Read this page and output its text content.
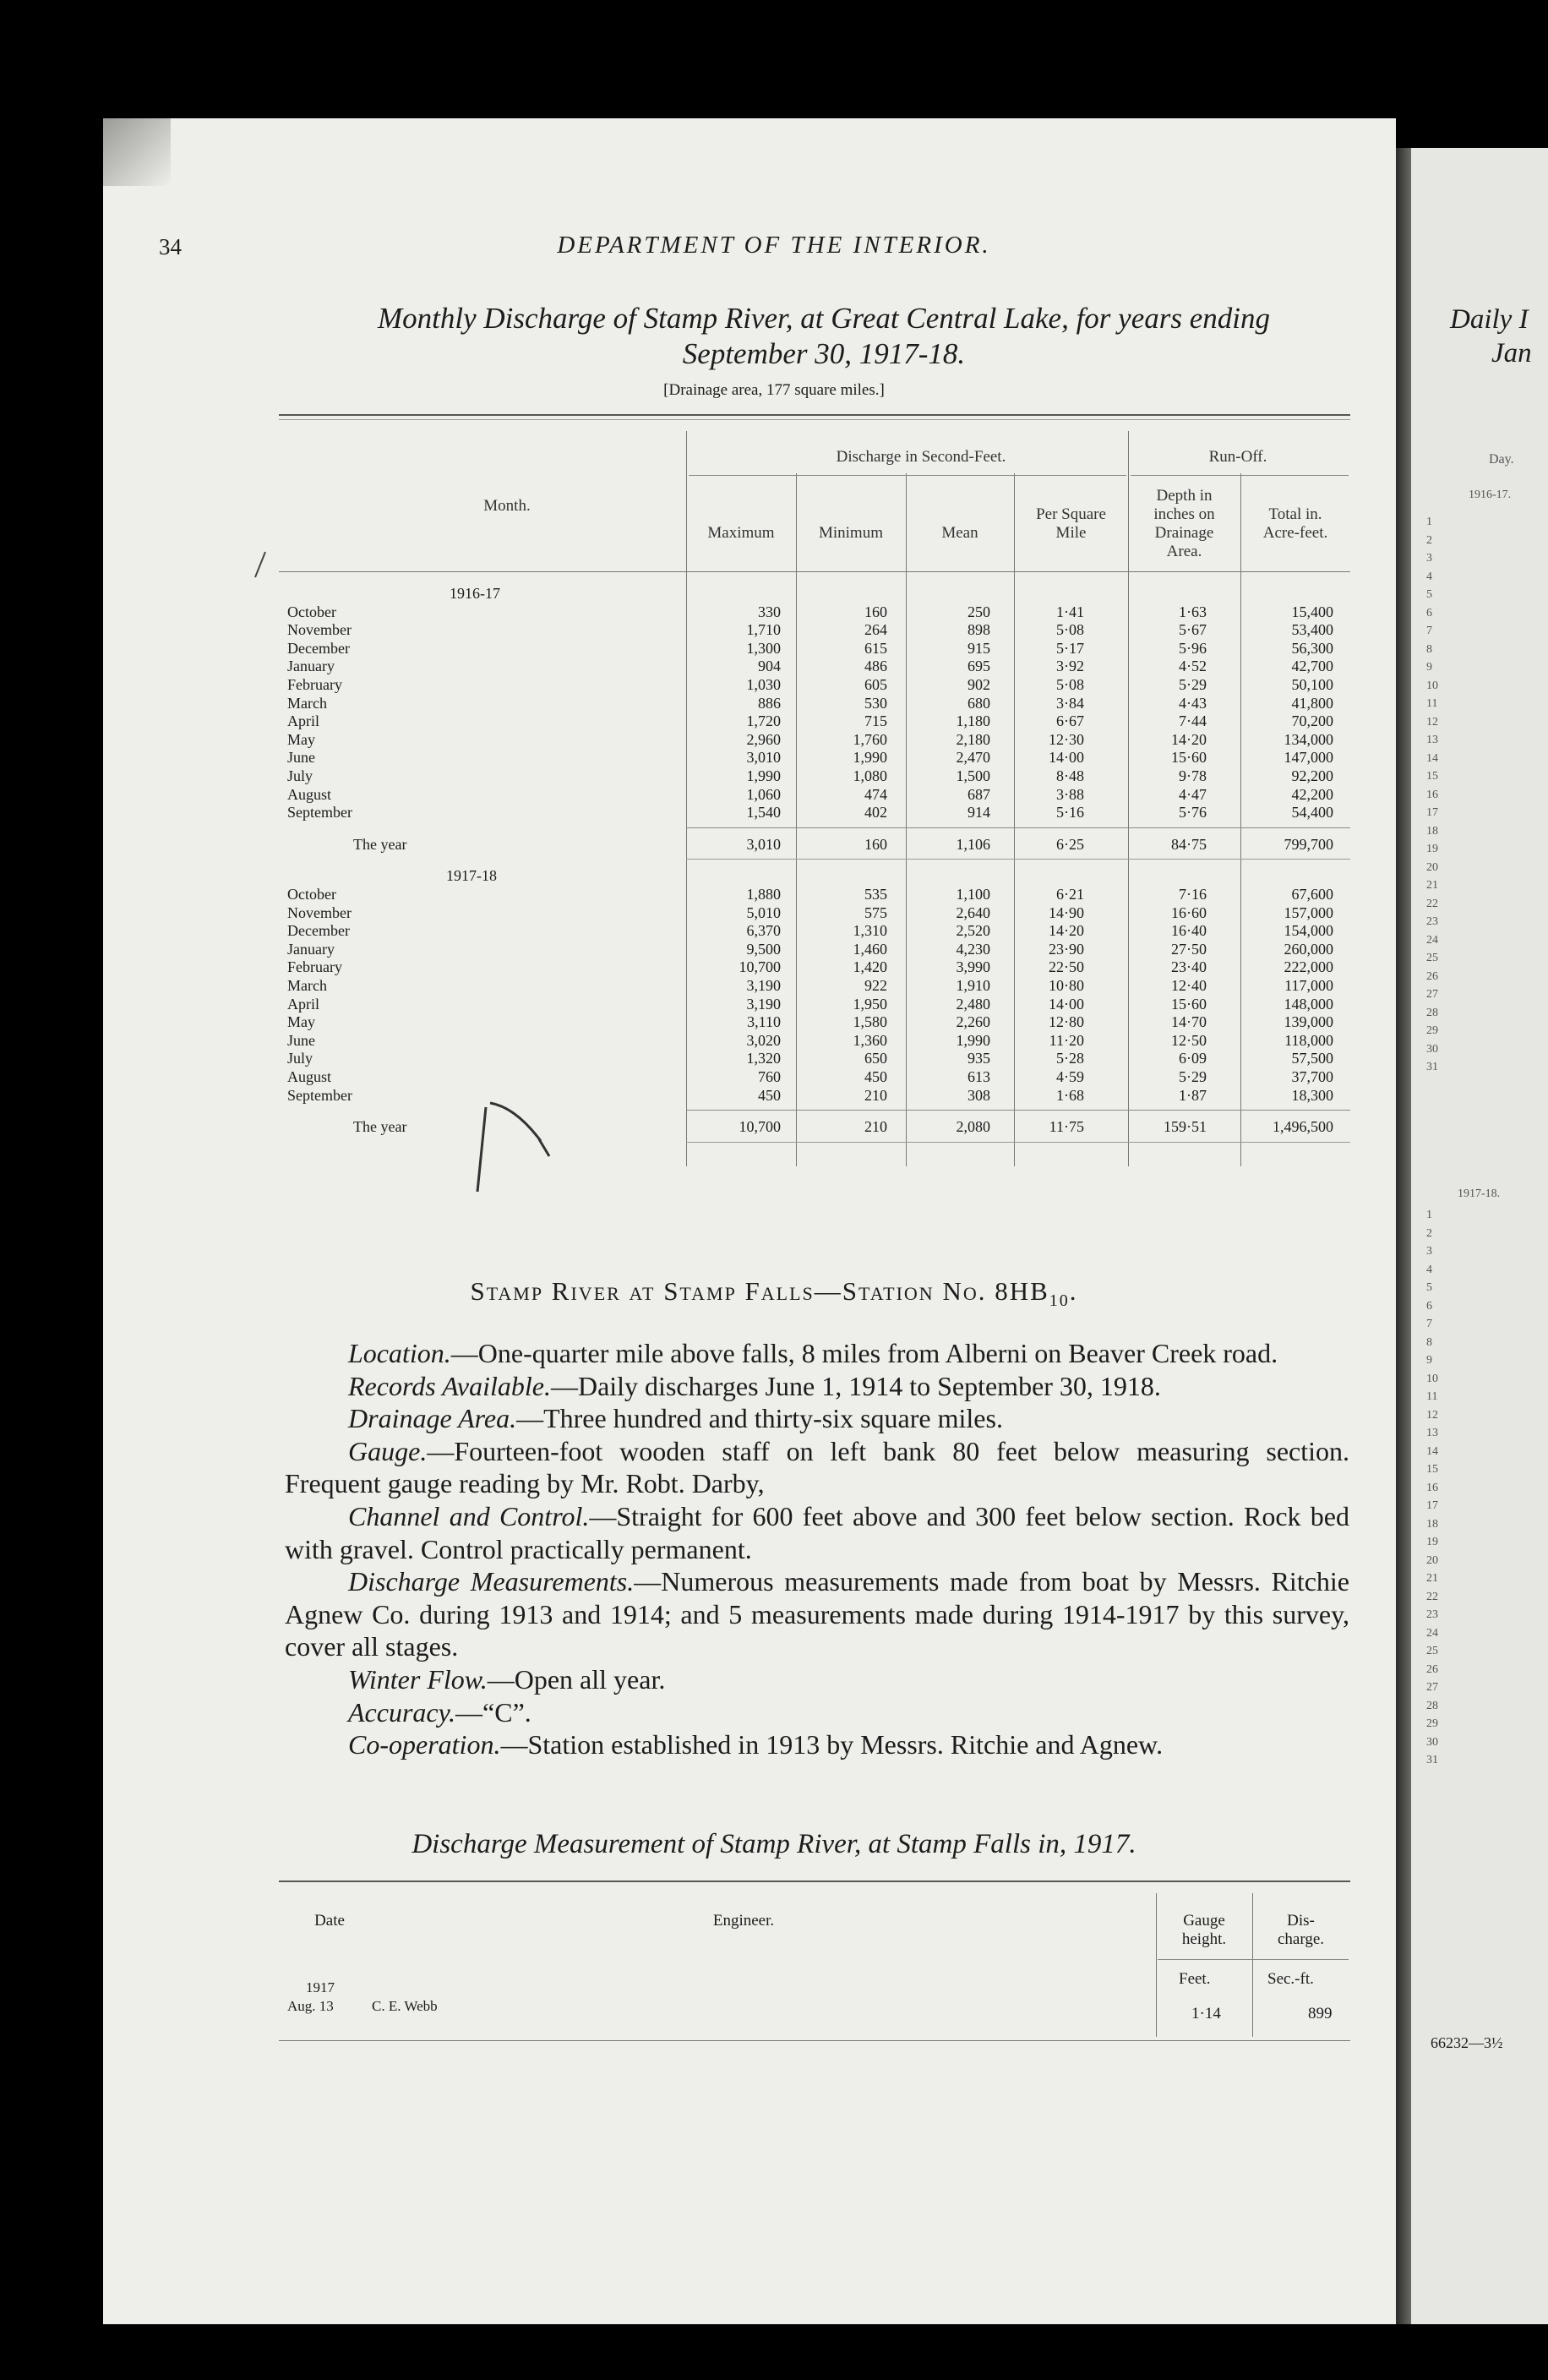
34	DEPARTMENT OF THE INTERIOR.
Monthly Discharge of Stamp River, at Great Central Lake, for years ending
September 30, 1917-18.
[Drainage area, 177 square miles.]
Discharge in Second-Feet.	Run-Off.
Month.
Maximum	Minimum	Mean
Per Square
Mile
Depth in
inches on
Drainage
Area.
Total in.
Acre-feet.
1916-17
October	330	160	250	1·41	1·63	15,400
November	1,710	264	898	5·08	5·67	53,400
December	1,300	615	915	5·17	5·96	56,300
January	904	486	695	3·92	4·52	42,700
February	1,030	605	902	5·08	5·29	50,100
March	886	530	680	3·84	4·43	41,800
April	1,720	715	1,180	6·67	7·44	70,200
May	2,960	1,760	2,180	12·30	14·20	134,000
June	3,010	1,990	2,470	14·00	15·60	147,000
July	1,990	1,080	1,500	8·48	9·78	92,200
August	1,060	474	687	3·88	4·47	42,200
September	1,540	402	914	5·16	5·76	54,400
The year	3,010	160	1,106	6·25	84·75	799,700
1917-18
October	1,880	535	1,100	6·21	7·16	67,600
November	5,010	575	2,640	14·90	16·60	157,000
December	6,370	1,310	2,520	14·20	16·40	154,000
January	9,500	1,460	4,230	23·90	27·50	260,000
February	10,700	1,420	3,990	22·50	23·40	222,000
March	3,190	922	1,910	10·80	12·40	117,000
April	3,190	1,950	2,480	14·00	15·60	148,000
May	3,110	1,580	2,260	12·80	14·70	139,000
June	3,020	1,360	1,990	11·20	12·50	118,000
July	1,320	650	935	5·28	6·09	57,500
August	760	450	613	4·59	5·29	37,700
September	450	210	308	1·68	1·87	18,300
The year	10,700	210	2,080	11·75	159·51	1,496,500
Stamp River at Stamp Falls—Station No. $8HB_{10}$.

Location.—One-quarter mile above falls, 8 miles from Alberni on Beaver Creek road.

Records Available.—Daily discharges June 1, 1914 to September 30, 1918.

Drainage Area.—Three hundred and thirty-six square miles.

Gauge.—Fourteen-foot wooden staff on left bank 80 feet below measuring section. Frequent gauge reading by Mr. Robt. Darby,

Channel and Control.—Straight for 600 feet above and 300 feet below section. Rock bed with gravel. Control practically permanent.

Discharge Measurements.—Numerous measurements made from boat by Messrs. Ritchie Agnew Co. during 1913 and 1914; and 5 measurements made during 1914-1917 by this survey, cover all stages.

Winter Flow.—Open all year.

Accuracy.—“C”.

Co-operation.—Station established in 1913 by Messrs. Ritchie and Agnew.

Discharge Measurement of Stamp River, at Stamp Falls in, 1917.
Date	Engineer.	Gauge
height.
Dis-
charge.
Feet.	Sec.-ft.
1917
Aug. 13	C. E. Webb	1·14	899
Daily I
Jan
Day.
1916-17.
1917-18.
1
2
3
4
5
6
7
8
9
10
11
12
13
14
15
16
17
18
19
20
21
22
23
24
25
26
27
28
29
30
31
1
2
3
4
5
6
7
8
9
10
11
12
13
14
15
16
17
18
19
20
21
22
23
24
25
26
27
28
29
30
31
66232—3½
